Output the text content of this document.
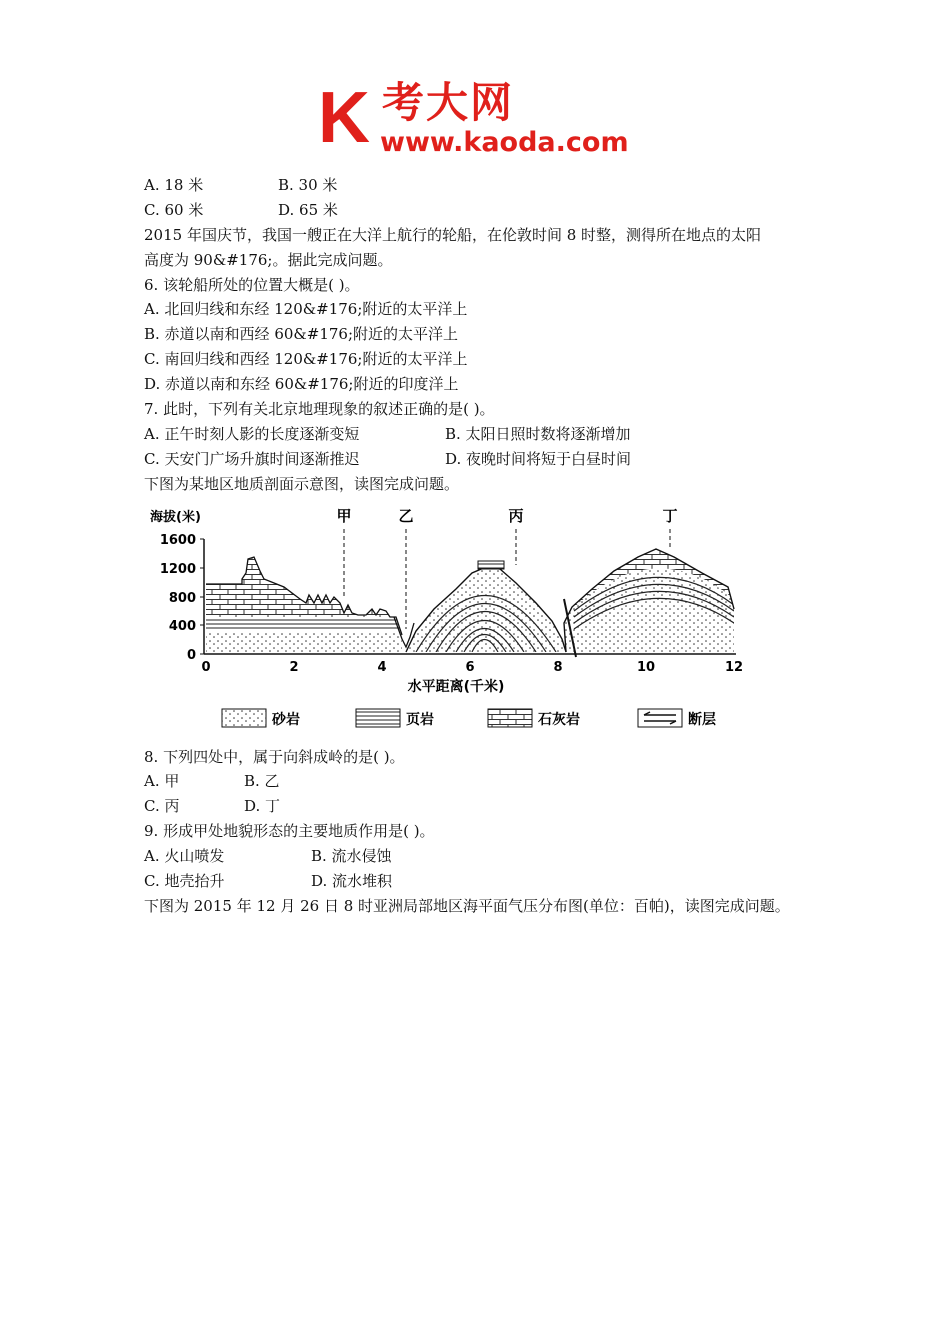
K 考大网
www.kaoda.com
A. 18 米	B. 30 米
C. 60 米	D. 65 米
2015 年国庆节，我国一艘正在大洋上航行的轮船，在伦敦时间 8 时整，测得所在地点的太阳
高度为 90&#176;。据此完成问题。
6. 该轮船所处的位置大概是( )。
A. 北回归线和东经 120&#176;附近的太平洋上
B. 赤道以南和西经 60&#176;附近的太平洋上
C. 南回归线和西经 120&#176;附近的太平洋上
D. 赤道以南和东经 60&#176;附近的印度洋上
7. 此时，下列有关北京地理现象的叙述正确的是( )。
A. 正午时刻人影的长度逐渐变短	B. 太阳日照时数将逐渐增加
C. 天安门广场升旗时间逐渐推迟	D. 夜晚时间将短于白昼时间
下图为某地区地质剖面示意图，读图完成问题。
海拔(米)
1600
1200
800
400
0
甲	乙	丙	丁
0	2	4	6	8	10	12
水平距离(千米)
砂岩	页岩	石灰岩	断层
8. 下列四处中，属于向斜成岭的是( )。
A. 甲	B. 乙
C. 丙	D. 丁
9. 形成甲处地貌形态的主要地质作用是( )。
A. 火山喷发	B. 流水侵蚀
C. 地壳抬升	D. 流水堆积
下图为 2015 年 12 月 26 日 8 时亚洲局部地区海平面气压分布图(单位：百帕)，读图完成问题。
